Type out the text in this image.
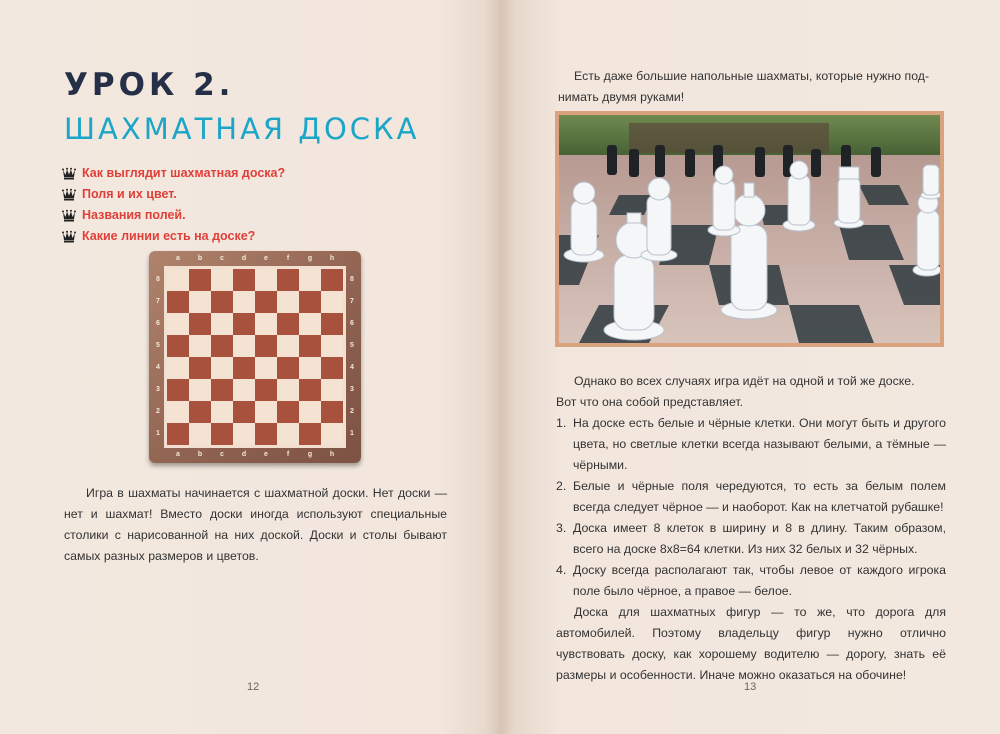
УРОК 2.
ШАХМАТНАЯ ДОСКА
Как выглядит шахматная доска?
Поля и их цвет.
Названия полей.
Какие линии есть на доске?
a	b	c	d	e	f	g	h
a	b	c	d	e	f	g	h
8
7
6
5
4
3
2
1
8
7
6
5
4
3
2
1

Игра в шахматы начинается с шахматной доски. Нет доски — нет и шахмат! Вместо доски иногда используют специальные столики с нарисованной на них доской. Доски и столы бывают самых разных размеров и цветов.

12
Есть даже большие напольные шахматы, которые нужно под-
нимать двумя руками!
Однако во всех случаях игра идёт на одной и той же доске.
Вот что она собой представляет.
1. На доске есть белые и чёрные клетки. Они могут быть и другого цвета, но светлые клетки всегда называют белыми, а тёмные — чёрными.
2. Белые и чёрные поля чередуются, то есть за белым полем всегда следует чёрное — и наоборот. Как на клетчатой рубашке!
3. Доска имеет 8 клеток в ширину и 8 в длину. Таким образом, всего на доске 8х8=64 клетки. Из них 32 белых и 32 чёрных.
4. Доску всегда располагают так, чтобы левое от каждого игрока поле было чёрное, а правое — белое.

Доска для шахматных фигур — то же, что дорога для автомобилей. Поэтому владельцу фигур нужно отлично чувствовать доску, как хорошему водителю — дорогу, знать её размеры и особенности. Иначе можно оказаться на обочине!

13
